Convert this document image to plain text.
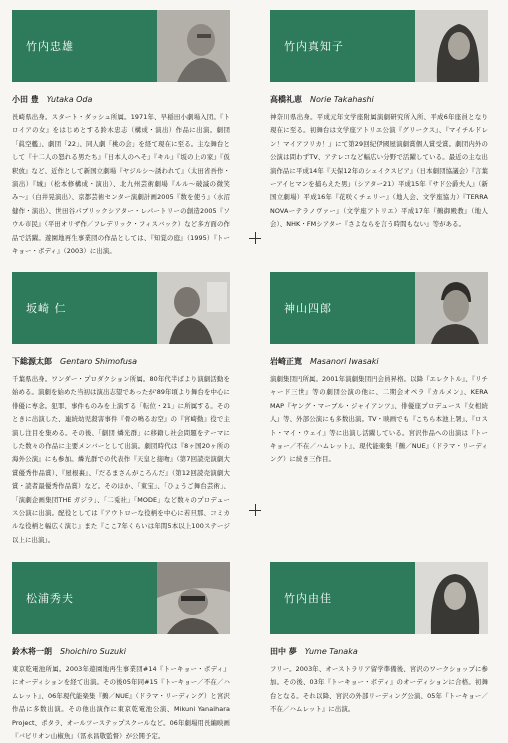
竹内忠雄
小田 豊 Yutaka Oda
長崎県出身。スタート・ダッシュ所属。1971年、早稲田小劇場入団。『トロイアの女』をはじめとする鈴木忠志（構成・演出）作品に出演。劇団「眞空艦」、劇団「22」、同人劇「桃の会」を経て現在に至る。主な舞台として『十二人の怒れる男たち』『日本人のへそ』『キル』『坂の上の家』『仮釈放』など、近作として新国立劇場『ヤジルシ〜誘われて』（太田省吾作・演出）『城』（松本修構成・演出）、北九州芸術劇場『ルル〜破滅の微笑み〜』（白井晃演出）、京都芸術センター演劇計画2005『数を使う』（水沼健作・演出）、世田谷パブリックシアター・レパートリーの創造2005『ソウル市民』（平田オリザ作／フレデリック・フィスバック）など多方面の作品で活躍。遊園地再生事業団の作品としては、『知覚の庭』（1995）『トーキョー・ボディ』（2003）に出演。
竹内真知子
高橋礼恵 Norie Takahashi
神奈川県出身。平成元年文学座附属演劇研究所入所、平成6年座員となり現在に至る。初舞台は文学座アトリエ公演『グリークス』、『マイチルドレン！マイアフリカ！』にて第29回紀伊國屋演劇賞個人賞受賞。劇団内外の公演は問わずTV、アテレコなど幅広い分野で活躍している。最近の主な出演作品に平成14年『天保12年のシェイクスピア』（日本劇団協議会）『言葉ーアイヒマンを捕らえた男』（シアター21）平成15年『サド公爵夫人』（新国立劇場）平成16年『花咲くチェリー』（地人会、文学座協力）『TERRA NOVAーテラノヴァー』（文学座アトリエ）平成17年『鵺御殿教』（地人会）、NHK・FMシアター『さよならを言う時間もない』等がある。
坂崎 仁
下総源太郎 Gentaro Shimofusa
千葉県出身。ワンダー・プロダクション所属。80年代半ばより演劇活動を始める。演劇を始めた当初は演出志望であったが'89年頃より舞台を中心に俳優に専念。犯罪、事件ものみを上演する「転位・21」に所属する。そのときに出演した、連続幼児殺害事件『骨の鳴るお空』の『宮崎勤』役で主演し注目を集める。その後、「劇団 燐光群」に移籍し社会問題をテーマにした数々の作品に主要メンバーとして出演。劇団時代は『8ヶ国20ヶ所の海外公演』にも参加。燐光群での代表作『天皇と接吻』（第7回読売演劇大賞優秀作品賞）、『屋根裏』、『だるまさんがころんだ』（第12回読売演劇大賞・読者最優秀作品賞）など。そのほか、「東宝」、「ひょうご舞台芸術」、「演劇企画集団THE ガジラ」、「二兎社」「MODE」など数々のプロデュース公演に出演。配役としては『アウトローな役柄を中心に若旦那、コミカルな役柄と幅広く演じ』また『ここ7年くらいは年間5本以上100ステージ以上に出演』。
神山四郎
岩崎正寛 Masanori Iwasaki
演劇集団円所属。2001年演劇集団円会員昇格。以降『エレクトル』、『リチャード三世』等の劇団公演の他に、二期会オペラ『カルメン』、KERA MAP『ヤング・マーブル・ジャイアンツ』、俳優座プロデュース『女相続人』等、外部公演にも多数出演。TV・映画でも『こちら本池上署』、『ロスト・マイ・ウェイ』等に出演し活躍している。宮沢作品への出演は『トーキョー／不在／ハムレット』、現代能楽集『鵺／NUE』（ドラマ・リーディング）に続き三作目。
松浦秀夫
鈴木将一朗 Shoichiro Suzuki
東京乾電池所属。2003年遊園地再生事業団#14『トーキョー・ボディ』にオーディションを経て出演。その後05年同#15『トーキョー／不在／ハムレット』、06年現代能楽集『鵺／NUE』（ドラマ・リーディング）と宮沢作品に多数出演。その他出演作に東京乾電池公演、Mikuni Yanaihara Project、ポタラ、オールツーステップスクールなど。06年劇場用長編映画『バビリオン山椒魚』（冨永昌敬監督）が公開予定。
竹内由佳
田中 夢 Yume Tanaka
フリー。2003年、オーストラリア留学準備後、宮沢のワークショップに参加。その後、03年『トーキョー・ボディ』のオーディションに合格。初舞台となる。それ以降、宮沢の外部リーディング公演、05年『トーキョー／不在／ハムレット』に出演。
